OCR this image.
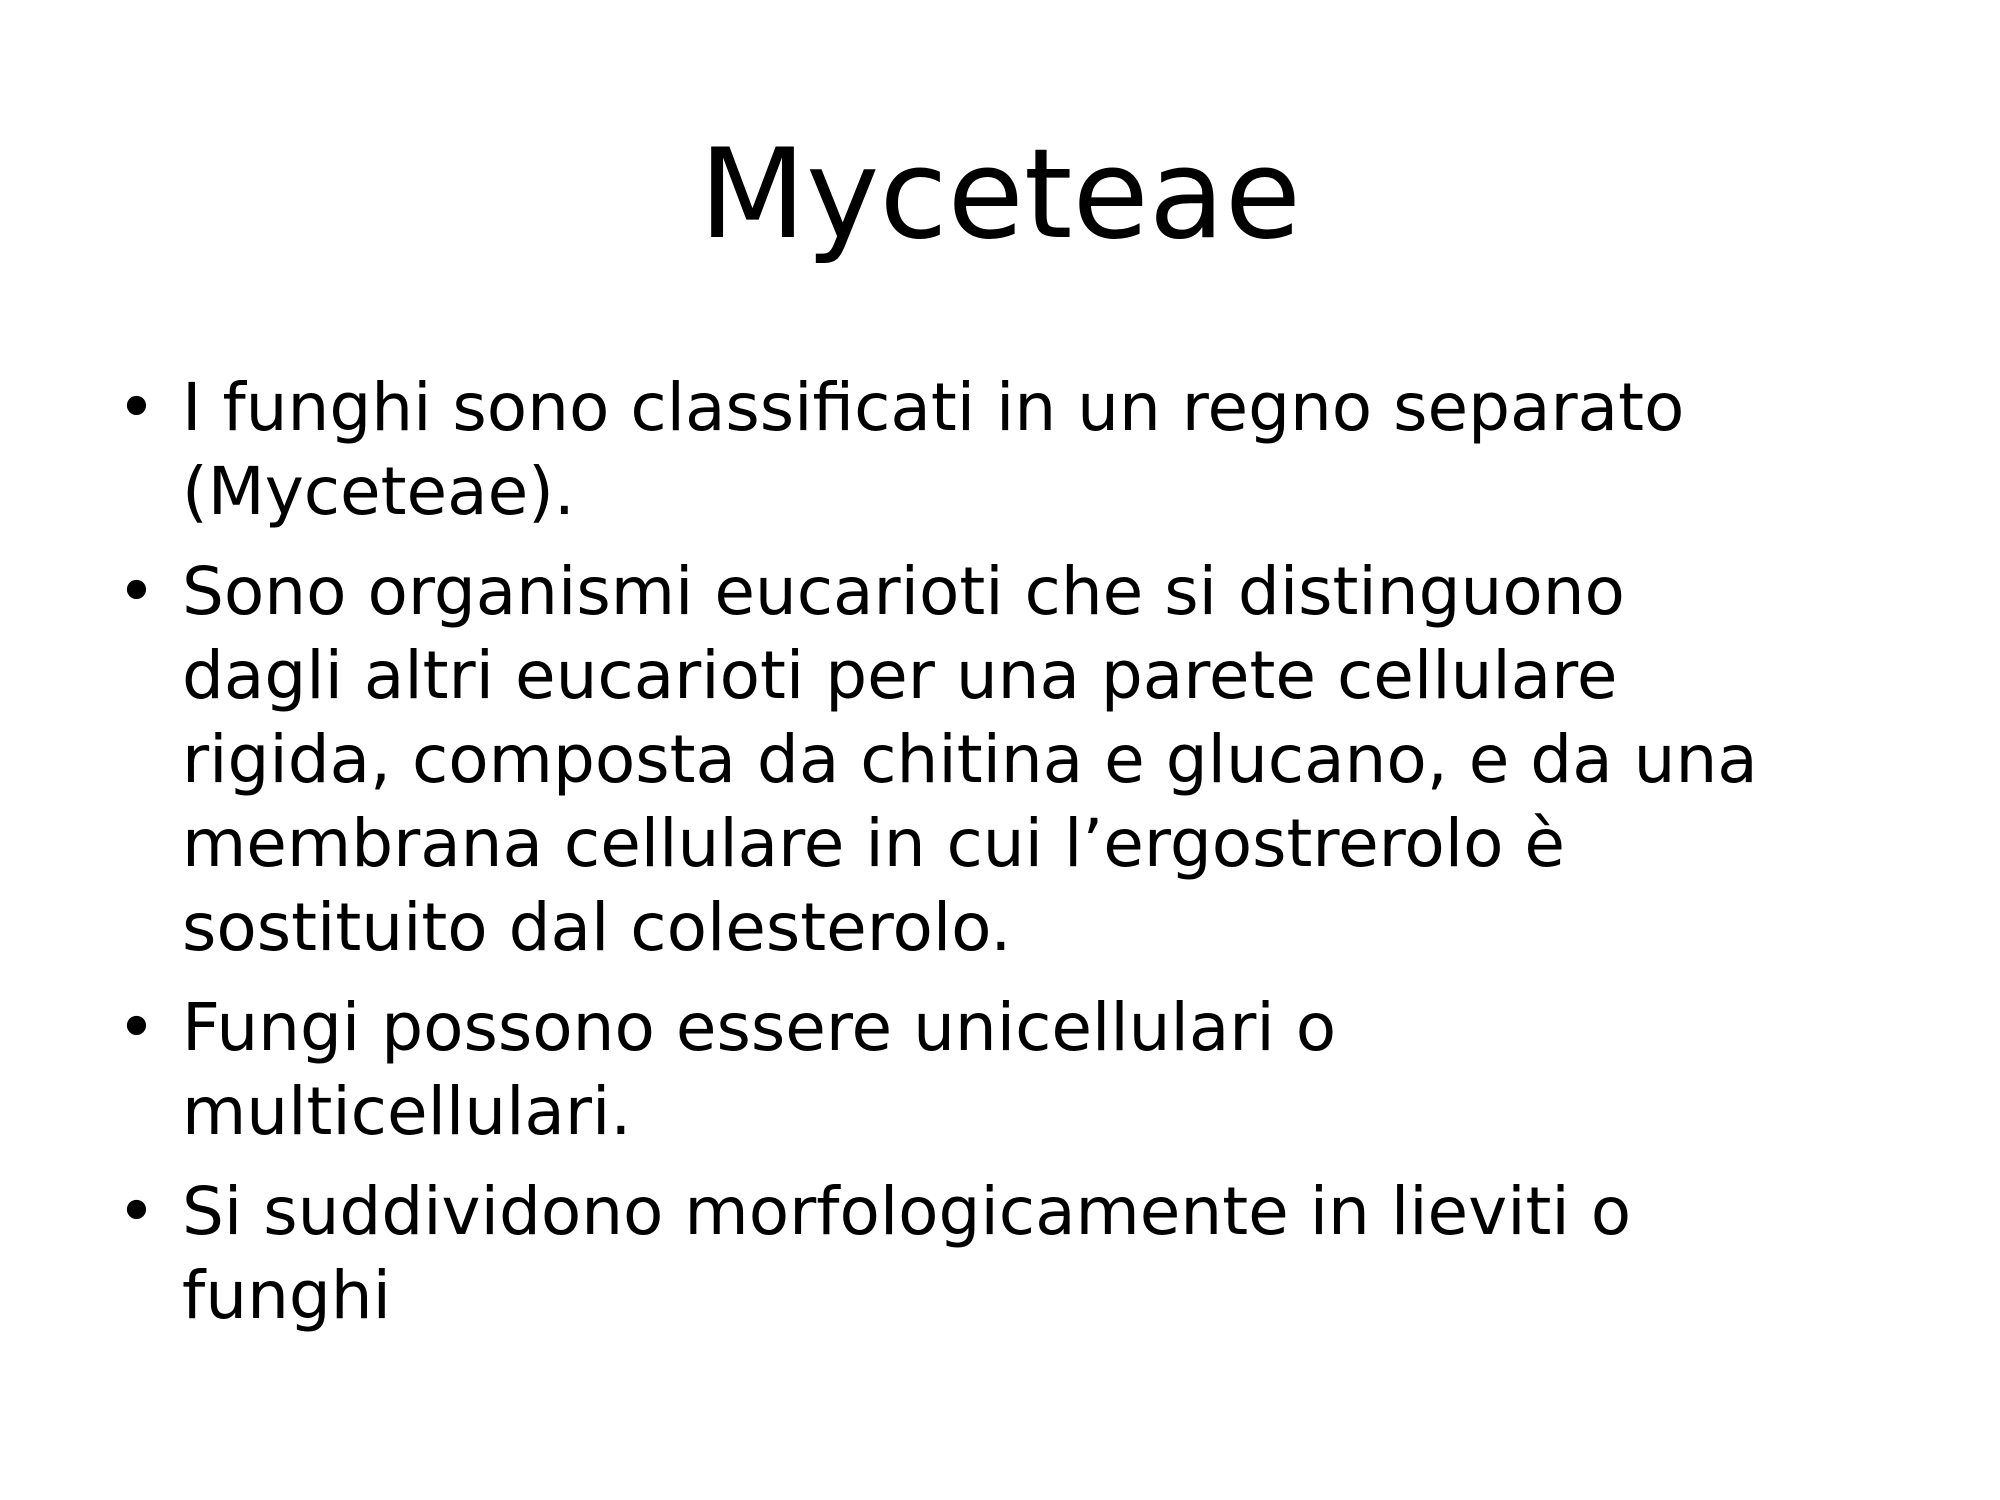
Myceteae
• I funghi sono classificati in un regno separato
(Myceteae).
• Sono organismi eucarioti che si distinguono
dagli altri eucarioti per una parete cellulare
rigida, composta da chitina e glucano, e da una
membrana cellulare in cui l’ergostrerolo è
sostituito dal colesterolo.
• Fungi possono essere unicellulari o
multicellulari.
• Si suddividono morfologicamente in lieviti o
funghi
